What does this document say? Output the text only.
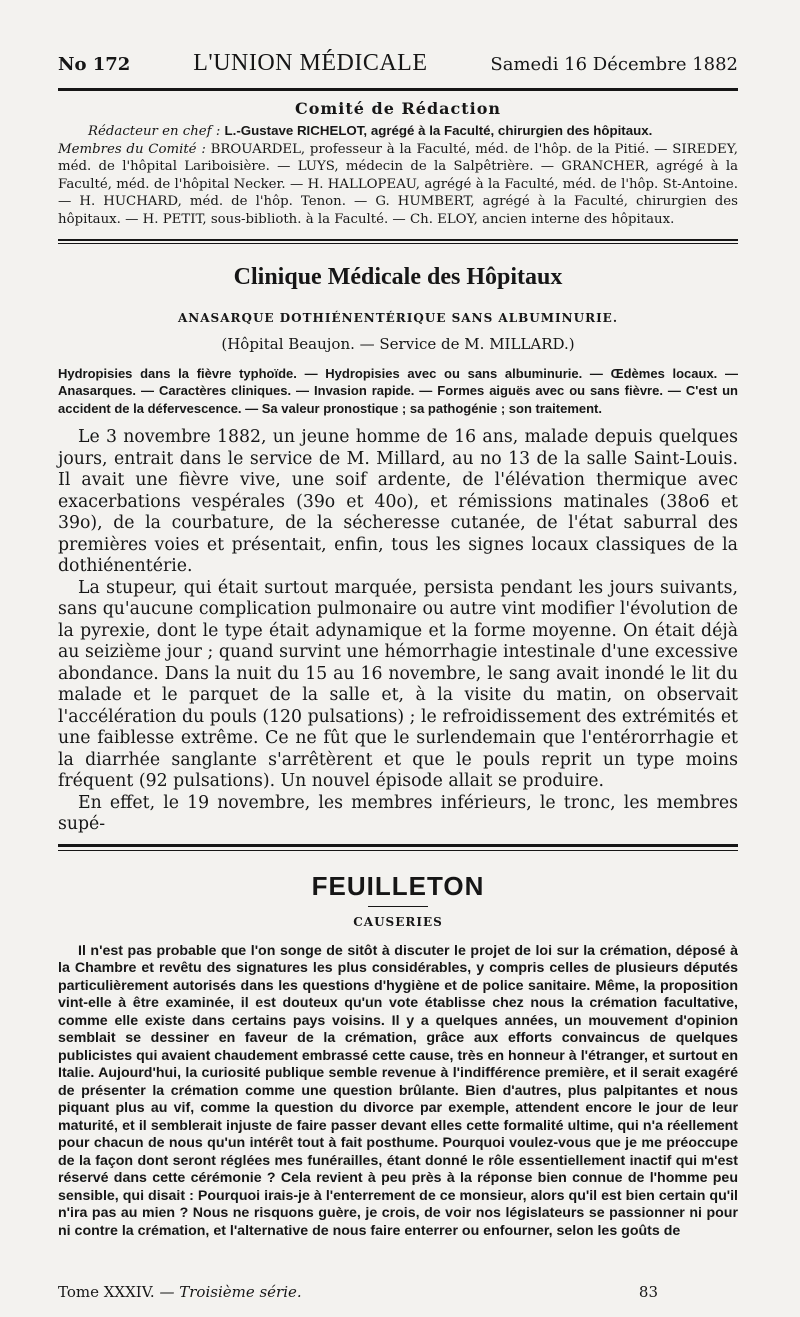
No 172	L'UNION MÉDICALE	Samedi 16 Décembre 1882
Comité de Rédaction
Rédacteur en chef : L.-Gustave RICHELOT, agrégé à la Faculté, chirurgien des hôpitaux.
Membres du Comité : BROUARDEL, professeur à la Faculté, méd. de l'hôp. de la Pitié. — SIREDEY, méd. de l'hôpital Lariboisière. — LUYS, médecin de la Salpêtrière. — GRANCHER, agrégé à la Faculté, méd. de l'hôpital Necker. — H. HALLOPEAU, agrégé à la Faculté, méd. de l'hôp. St-Antoine. — H. HUCHARD, méd. de l'hôp. Tenon. — G. HUMBERT, agrégé à la Faculté, chirurgien des hôpitaux. — H. PETIT, sous-biblioth. à la Faculté. — Ch. ELOY, ancien interne des hôpitaux.
Clinique Médicale des Hôpitaux
ANASARQUE DOTHIÉNENTÉRIQUE SANS ALBUMINURIE.
(Hôpital Beaujon. — Service de M. MILLARD.)
Hydropisies dans la fièvre typhoïde. — Hydropisies avec ou sans albuminurie. — Œdèmes locaux. — Anasarques. — Caractères cliniques. — Invasion rapide. — Formes aiguës avec ou sans fièvre. — C'est un accident de la défervescence. — Sa valeur pronostique ; sa pathogénie ; son traitement.

Le 3 novembre 1882, un jeune homme de 16 ans, malade depuis quelques jours, entrait dans le service de M. Millard, au no 13 de la salle Saint-Louis. Il avait une fièvre vive, une soif ardente, de l'élévation thermique avec exacerbations vespérales (39o et 40o), et rémissions matinales (38o6 et 39o), de la courbature, de la sécheresse cutanée, de l'état saburral des premières voies et présentait, enfin, tous les signes locaux classiques de la dothiénentérie.

La stupeur, qui était surtout marquée, persista pendant les jours suivants, sans qu'aucune complication pulmonaire ou autre vint modifier l'évolution de la pyrexie, dont le type était adynamique et la forme moyenne. On était déjà au seizième jour ; quand survint une hémorrhagie intestinale d'une excessive abondance. Dans la nuit du 15 au 16 novembre, le sang avait inondé le lit du malade et le parquet de la salle et, à la visite du matin, on observait l'accélération du pouls (120 pulsations) ; le refroidissement des extrémités et une faiblesse extrême. Ce ne fût que le surlendemain que l'entérorrhagie et la diarrhée sanglante s'arrêtèrent et que le pouls reprit un type moins fréquent (92 pulsations). Un nouvel épisode allait se produire.

En effet, le 19 novembre, les membres inférieurs, le tronc, les membres supé-

FEUILLETON
CAUSERIES

Il n'est pas probable que l'on songe de sitôt à discuter le projet de loi sur la crémation, déposé à la Chambre et revêtu des signatures les plus considérables, y compris celles de plusieurs députés particulièrement autorisés dans les questions d'hygiène et de police sanitaire. Même, la proposition vint-elle à être examinée, il est douteux qu'un vote établisse chez nous la crémation facultative, comme elle existe dans certains pays voisins. Il y a quelques années, un mouvement d'opinion semblait se dessiner en faveur de la crémation, grâce aux efforts convaincus de quelques publicistes qui avaient chaudement embrassé cette cause, très en honneur à l'étranger, et surtout en Italie. Aujourd'hui, la curiosité publique semble revenue à l'indifférence première, et il serait exagéré de présenter la crémation comme une question brûlante. Bien d'autres, plus palpitantes et nous piquant plus au vif, comme la question du divorce par exemple, attendent encore le jour de leur maturité, et il semblerait injuste de faire passer devant elles cette formalité ultime, qui n'a réellement pour chacun de nous qu'un intérêt tout à fait posthume. Pourquoi voulez-vous que je me préoccupe de la façon dont seront réglées mes funérailles, étant donné le rôle essentiellement inactif qui m'est réservé dans cette cérémonie ? Cela revient à peu près à la réponse bien connue de l'homme peu sensible, qui disait : Pourquoi irais-je à l'enterrement de ce monsieur, alors qu'il est bien certain qu'il n'ira pas au mien ? Nous ne risquons guère, je crois, de voir nos législateurs se passionner ni pour ni contre la crémation, et l'alternative de nous faire enterrer ou enfourner, selon les goûts de

Tome XXXIV. — Troisième série.	83
